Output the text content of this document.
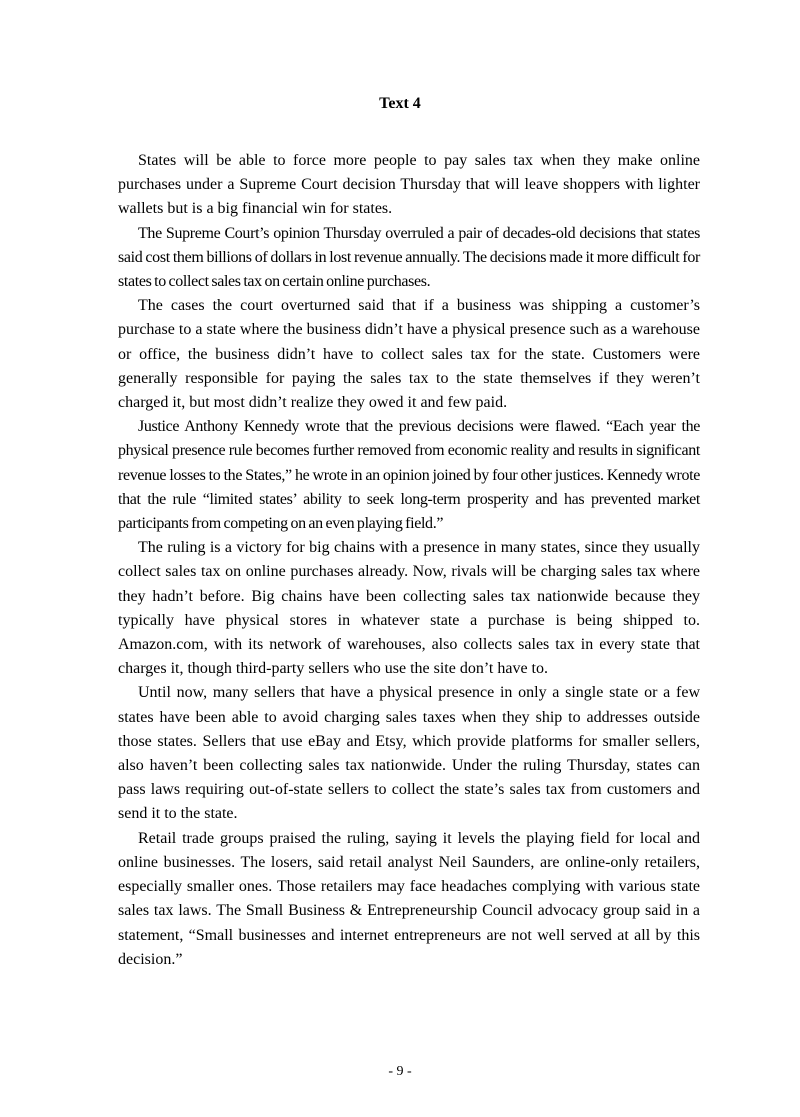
Text 4

States will be able to force more people to pay sales tax when they make online purchases under a Supreme Court decision Thursday that will leave shoppers with lighter wallets but is a big financial win for states.

The Supreme Court’s opinion Thursday overruled a pair of decades-old decisions that states said cost them billions of dollars in lost revenue annually. The decisions made it more difficult for states to collect sales tax on certain online purchases.

The cases the court overturned said that if a business was shipping a customer’s purchase to a state where the business didn’t have a physical presence such as a warehouse or office, the business didn’t have to collect sales tax for the state. Customers were generally responsible for paying the sales tax to the state themselves if they weren’t charged it, but most didn’t realize they owed it and few paid.

Justice Anthony Kennedy wrote that the previous decisions were flawed. “Each year the physical presence rule becomes further removed from economic reality and results in significant revenue losses to the States,” he wrote in an opinion joined by four other justices. Kennedy wrote that the rule “limited states’ ability to seek long-term prosperity and has prevented market participants from competing on an even playing field.”

The ruling is a victory for big chains with a presence in many states, since they usually collect sales tax on online purchases already. Now, rivals will be charging sales tax where they hadn’t before. Big chains have been collecting sales tax nationwide because they typically have physical stores in whatever state a purchase is being shipped to. Amazon.com, with its network of warehouses, also collects sales tax in every state that charges it, though third-party sellers who use the site don’t have to.

Until now, many sellers that have a physical presence in only a single state or a few states have been able to avoid charging sales taxes when they ship to addresses outside those states. Sellers that use eBay and Etsy, which provide platforms for smaller sellers, also haven’t been collecting sales tax nationwide. Under the ruling Thursday, states can pass laws requiring out-of-state sellers to collect the state’s sales tax from customers and send it to the state.

Retail trade groups praised the ruling, saying it levels the playing field for local and online businesses. The losers, said retail analyst Neil Saunders, are online-only retailers, especially smaller ones. Those retailers may face headaches complying with various state sales tax laws. The Small Business & Entrepreneurship Council advocacy group said in a statement, “Small businesses and internet entrepreneurs are not well served at all by this decision.”

- 9 -
